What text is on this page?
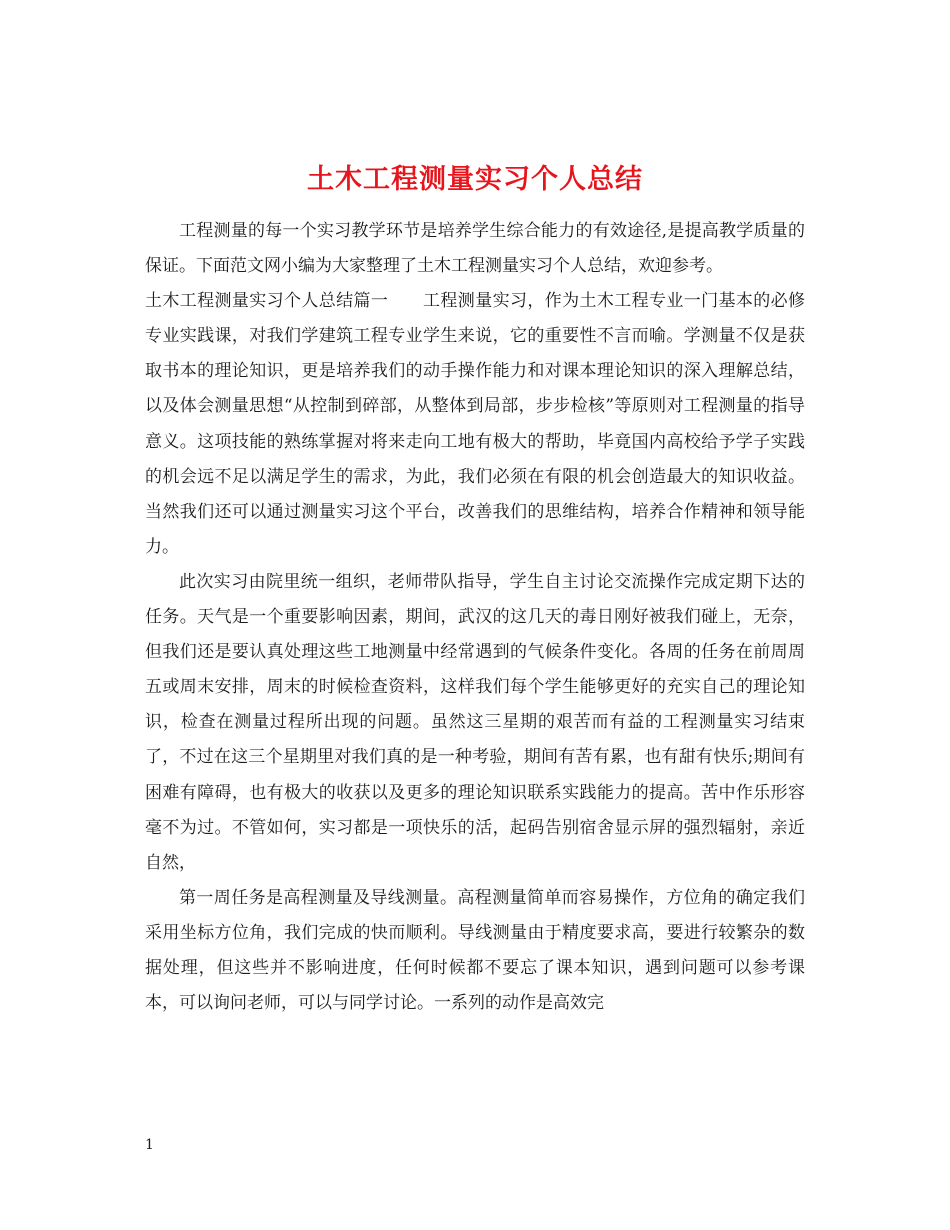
土木工程测量实习个人总结

工程测量的每一个实习教学环节是培养学生综合能力的有效途径,是提高教学质量的保证。下面范文网小编为大家整理了土木工程测量实习个人总结，欢迎参考。

土木工程测量实习个人总结篇一　　工程测量实习，作为土木工程专业一门基本的必修专业实践课，对我们学建筑工程专业学生来说，它的重要性不言而喻。学测量不仅是获取书本的理论知识，更是培养我们的动手操作能力和对课本理论知识的深入理解总结，以及体会测量思想“从控制到碎部，从整体到局部，步步检核”等原则对工程测量的指导意义。这项技能的熟练掌握对将来走向工地有极大的帮助，毕竟国内高校给予学子实践的机会远不足以满足学生的需求，为此，我们必须在有限的机会创造最大的知识收益。当然我们还可以通过测量实习这个平台，改善我们的思维结构，培养合作精神和领导能力。

此次实习由院里统一组织，老师带队指导，学生自主讨论交流操作完成定期下达的任务。天气是一个重要影响因素，期间，武汉的这几天的毒日刚好被我们碰上，无奈，但我们还是要认真处理这些工地测量中经常遇到的气候条件变化。各周的任务在前周周五或周末安排，周末的时候检查资料，这样我们每个学生能够更好的充实自己的理论知识，检查在测量过程所出现的问题。虽然这三星期的艰苦而有益的工程测量实习结束了，不过在这三个星期里对我们真的是一种考验，期间有苦有累，也有甜有快乐;期间有困难有障碍，也有极大的收获以及更多的理论知识联系实践能力的提高。苦中作乐形容毫不为过。不管如何，实习都是一项快乐的活，起码告别宿舍显示屏的强烈辐射，亲近自然，

第一周任务是高程测量及导线测量。高程测量简单而容易操作，方位角的确定我们采用坐标方位角，我们完成的快而顺利。导线测量由于精度要求高，要进行较繁杂的数据处理，但这些并不影响进度，任何时候都不要忘了课本知识，遇到问题可以参考课本，可以询问老师，可以与同学讨论。一系列的动作是高效完

1
